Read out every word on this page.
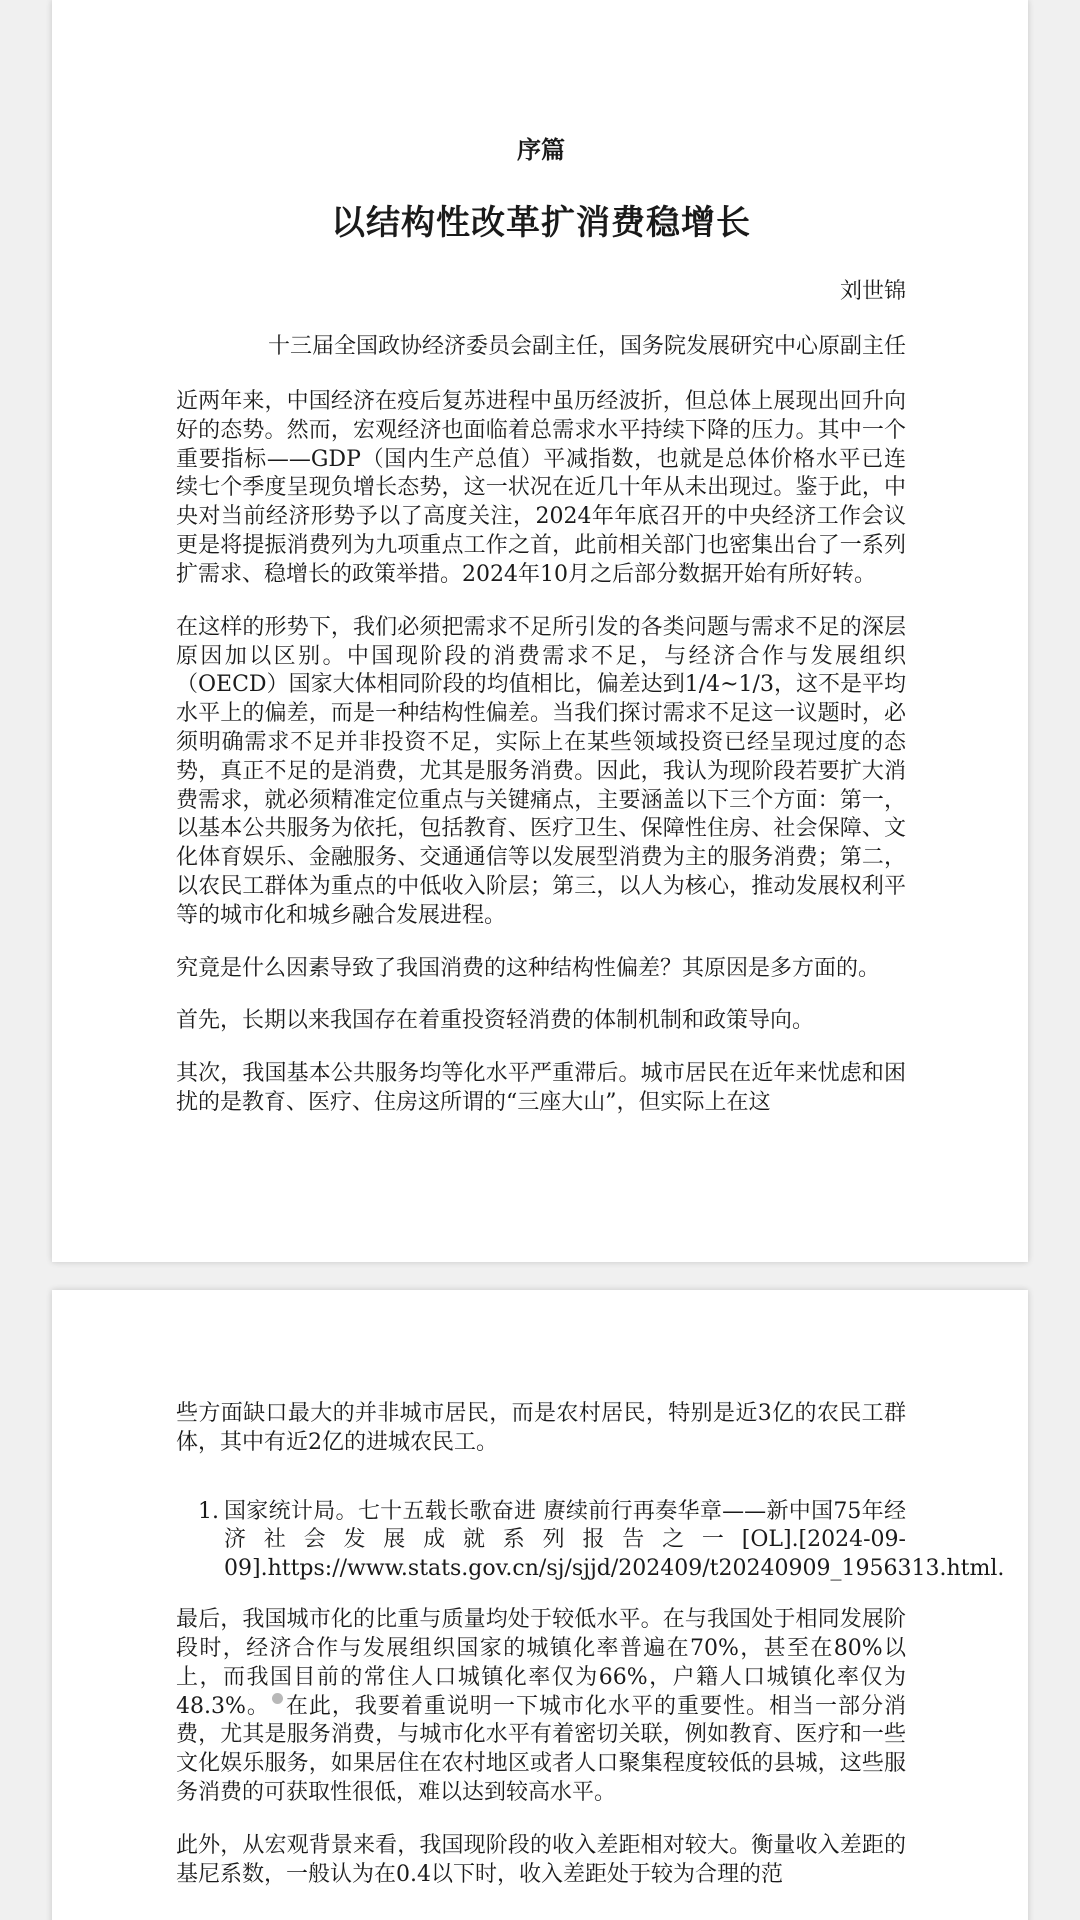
序篇
以结构性改革扩消费稳增长
刘世锦
十三届全国政协经济委员会副主任，国务院发展研究中心原副主任

近两年来，中国经济在疫后复苏进程中虽历经波折，但总体上展现出回升向好的态势。然而，宏观经济也面临着总需求水平持续下降的压力。其中一个重要指标——GDP（国内生产总值）平减指数，也就是总体价格水平已连续七个季度呈现负增长态势，这一状况在近几十年从未出现过。鉴于此，中央对当前经济形势予以了高度关注，2024年年底召开的中央经济工作会议更是将提振消费列为九项重点工作之首，此前相关部门也密集出台了一系列扩需求、稳增长的政策举措。2024年10月之后部分数据开始有所好转。

在这样的形势下，我们必须把需求不足所引发的各类问题与需求不足的深层原因加以区别。中国现阶段的消费需求不足，与经济合作与发展组织（OECD）国家大体相同阶段的均值相比，偏差达到1/4~1/3，这不是平均水平上的偏差，而是一种结构性偏差。当我们探讨需求不足这一议题时，必须明确需求不足并非投资不足，实际上在某些领域投资已经呈现过度的态势，真正不足的是消费，尤其是服务消费。因此，我认为现阶段若要扩大消费需求，就必须精准定位重点与关键痛点，主要涵盖以下三个方面：第一，以基本公共服务为依托，包括教育、医疗卫生、保障性住房、社会保障、文化体育娱乐、金融服务、交通通信等以发展型消费为主的服务消费；第二，以农民工群体为重点的中低收入阶层；第三，以人为核心，推动发展权利平等的城市化和城乡融合发展进程。

究竟是什么因素导致了我国消费的这种结构性偏差？其原因是多方面的。

首先，长期以来我国存在着重投资轻消费的体制机制和政策导向。

其次，我国基本公共服务均等化水平严重滞后。城市居民在近年来忧虑和困扰的是教育、医疗、住房这所谓的“三座大山”，但实际上在这

些方面缺口最大的并非城市居民，而是农村居民，特别是近3亿的农民工群体，其中有近2亿的进城农民工。

1. 国家统计局。七十五载长歌奋进 赓续前行再奏华章——新中国75年经济社会发展成就系列报告之一[OL].[2024-09-09].https://www.stats.gov.cn/sj/sjjd/202409/t20240909_1956313.html.

最后，我国城市化的比重与质量均处于较低水平。在与我国处于相同发展阶段时，经济合作与发展组织国家的城镇化率普遍在70%，甚至在80%以上，而我国目前的常住人口城镇化率仅为66%，户籍人口城镇化率仅为48.3%。 在此，我要着重说明一下城市化水平的重要性。相当一部分消费，尤其是服务消费，与城市化水平有着密切关联，例如教育、医疗和一些文化娱乐服务，如果居住在农村地区或者人口聚集程度较低的县城，这些服务消费的可获取性很低，难以达到较高水平。

此外，从宏观背景来看，我国现阶段的收入差距相对较大。衡量收入差距的基尼系数，一般认为在0.4以下时，收入差距处于较为合理的范
